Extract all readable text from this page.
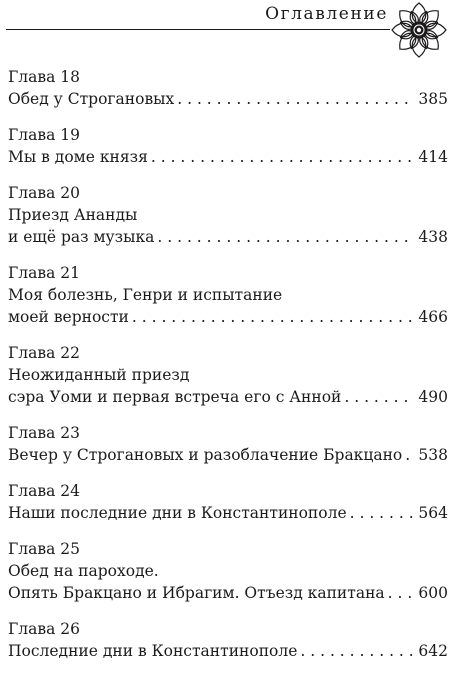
Оглавление
Глава 18
Обед у Строгановых . . .	385
Глава 19
Мы в доме князя . . .	414
Глава 20
Приезд Ананды
и ещё раз музыка . . .	438
Глава 21
Моя болезнь, Генри и испытание
моей верности . . .	466
Глава 22
Неожиданный приезд
сэра Уоми и первая встреча его с Анной . . .	490
Глава 23
Вечер у Строгановых и разоблачение Бракцано . . . 538
Глава 24
Наши последние дни в Константинополе . . .	564
Глава 25
Обед на пароходе.
Опять Бракцано и Ибрагим. Отъезд капитана . . . 600
Глава 26
Последние дни в Константинополе . . .	642
